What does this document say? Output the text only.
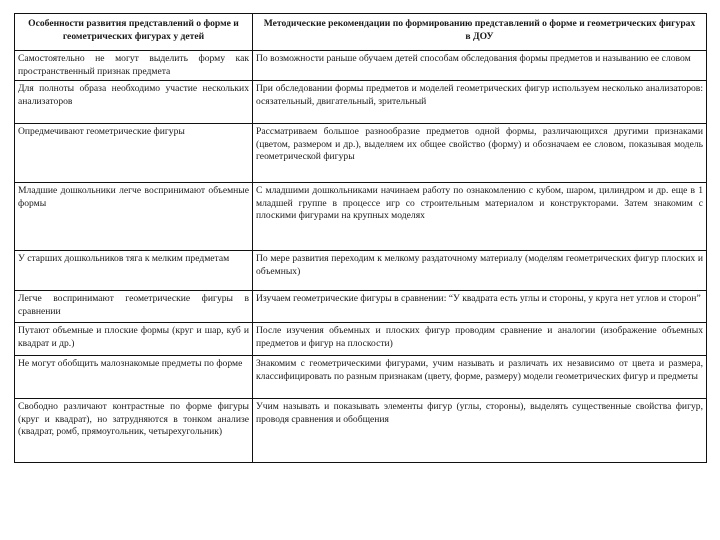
Особенности развития представлений о форме и геометрических фигурах у детей	Методические рекомендации по формированию представлений о форме и геометрических фигурах в ДОУ
Самостоятельно не могут выделить форму как пространственный признак предмета	По возможности раньше обучаем детей способам обследования формы предметов и называнию ее словом
Для полноты образа необходимо участие нескольких анализаторов	При обследовании формы предметов и моделей геометрических фигур используем несколько анализаторов: осязательный, двигательный, зрительный
Опредмечивают геометрические фигуры	Рассматриваем большое разнообразие предметов одной формы, различающихся другими признаками (цветом, размером и др.), выделяем их общее свойство (форму) и обозначаем ее словом, показывая модель геометрической фигуры
Младшие дошкольники легче воспринимают объемные формы	С младшими дошкольниками начинаем работу по ознакомлению с кубом, шаром, цилиндром и др. еще в 1 младшей группе в процессе игр со строительным материалом и конструкторами. Затем знакомим с плоскими фигурами на крупных моделях
У старших дошкольников тяга к мелким предметам	По мере развития переходим к мелкому раздаточному материалу (моделям геометрических фигур плоских и объемных)
Легче воспринимают геометрические фигуры в сравнении	Изучаем геометрические фигуры в сравнении: “У квадрата есть углы и стороны, у круга нет углов и сторон”
Путают объемные и плоские формы (круг и шар, куб и квадрат и др.)	После изучения объемных и плоских фигур проводим сравнение и аналогии (изображение объемных предметов и фигур на плоскости)
Не могут обобщить малознакомые предметы по форме	Знакомим с геометрическими фигурами, учим называть и различать их независимо от цвета и размера, классифицировать по разным признакам (цвету, форме, размеру) модели геометрических фигур и предметы
Свободно различают контрастные по форме фигуры (круг и квадрат), но затрудняются в тонком анализе (квадрат, ромб, прямоугольник, четырехугольник)	Учим называть и показывать элементы фигур (углы, стороны), выделять существенные свойства фигур, проводя сравнения и обобщения
